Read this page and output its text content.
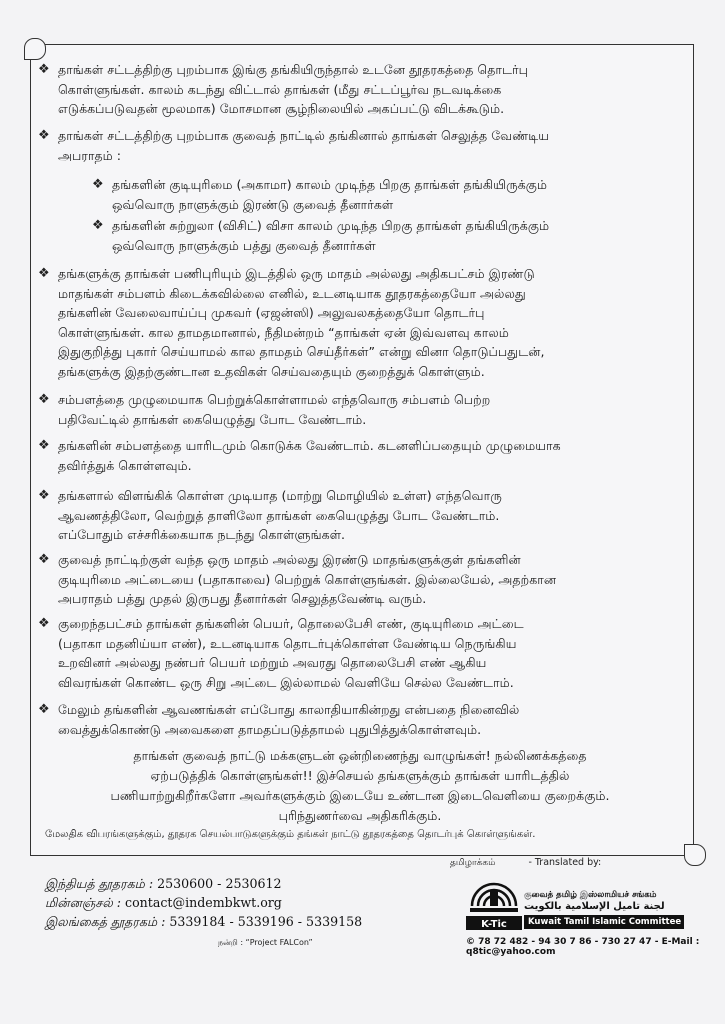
❖ தாங்கள் சட்டத்திற்கு புறம்பாக இங்கு தங்கியிருந்தால் உடனே தூதரகத்தை தொடர்பு
கொள்ளுங்கள். காலம் கடந்து விட்டால் தாங்கள் (மீது சட்டப்பூர்வ நடவடிக்கை
எடுக்கப்படுவதன் மூலமாக) மோசமான சூழ்நிலையில் அகப்பட்டு விடக்கூடும்.

❖ தாங்கள் சட்டத்திற்கு புறம்பாக குவைத் நாட்டில் தங்கினால் தாங்கள் செலுத்த வேண்டிய
அபராதம் :

❖ தங்களின் குடியுரிமை (அகாமா) காலம் முடிந்த பிறகு தாங்கள் தங்கியிருக்கும்
ஒவ்வொரு நாளுக்கும் இரண்டு குவைத் தீனார்கள்

❖ தங்களின் சுற்றுலா (விசிட்) விசா காலம் முடிந்த பிறகு தாங்கள் தங்கியிருக்கும்
ஒவ்வொரு நாளுக்கும் பத்து குவைத் தீனார்கள்

❖ தங்களுக்கு தாங்கள் பணிபுரியும் இடத்தில் ஒரு மாதம் அல்லது அதிகபட்சம் இரண்டு
மாதங்கள் சம்பளம் கிடைக்கவில்லை எனில், உடனடியாக தூதரகத்தையோ அல்லது
தங்களின் வேலைவாய்ப்பு முகவர் (ஏஜன்ஸி) அலுவலகத்தையோ தொடர்பு
கொள்ளுங்கள். கால தாமதமானால், நீதிமன்றம் “தாங்கள் ஏன் இவ்வளவு காலம்
இதுகுறித்து புகார் செய்யாமல் கால தாமதம் செய்தீர்கள்” என்று வினா தொடுப்பதுடன்,
தங்களுக்கு இதற்குண்டான உதவிகள் செய்வதையும் குறைத்துக் கொள்ளும்.

❖ சம்பளத்தை முழுமையாக பெற்றுக்கொள்ளாமல் எந்தவொரு சம்பளம் பெற்ற
பதிவேட்டில் தாங்கள் கையெழுத்து போட வேண்டாம்.

❖ தங்களின் சம்பளத்தை யாரிடமும் கொடுக்க வேண்டாம். கடனளிப்பதையும் முழுமையாக
தவிர்த்துக் கொள்ளவும்.

❖ தங்களால் விளங்கிக் கொள்ள முடியாத (மாற்று மொழியில் உள்ள) எந்தவொரு
ஆவணத்திலோ, வெற்றுத் தாளிலோ தாங்கள் கையெழுத்து போட வேண்டாம்.
எப்போதும் எச்சரிக்கையாக நடந்து கொள்ளுங்கள்.

❖ குவைத் நாட்டிற்குள் வந்த ஒரு மாதம் அல்லது இரண்டு மாதங்களுக்குள் தங்களின்
குடியுரிமை அட்டையை (பதாகாவை) பெற்றுக் கொள்ளுங்கள். இல்லையேல், அதற்கான
அபராதம் பத்து முதல் இருபது தீனார்கள் செலுத்தவேண்டி வரும்.

❖ குறைந்தபட்சம் தாங்கள் தங்களின் பெயர், தொலைபேசி எண், குடியுரிமை அட்டை
(பதாகா மதனிய்யா எண்), உடனடியாக தொடர்புக்கொள்ள வேண்டிய நெருங்கிய
உறவினர் அல்லது நண்பர் பெயர் மற்றும் அவரது தொலைபேசி எண் ஆகிய
விவரங்கள் கொண்ட ஒரு சிறு அட்டை இல்லாமல் வெளியே செல்ல வேண்டாம்.

❖ மேலும் தங்களின் ஆவணங்கள் எப்போது காலாதியாகின்றது என்பதை நினைவில்
வைத்துக்கொண்டு அவைகளை தாமதப்படுத்தாமல் புதுபித்துக்கொள்ளவும்.

தாங்கள் குவைத் நாட்டு மக்களுடன் ஒன்றிணைந்து வாழுங்கள்! நல்லிணக்கத்தை
ஏற்படுத்திக் கொள்ளுங்கள்!! இச்செயல் தங்களுக்கும் தாங்கள் யாரிடத்தில்
பணியாற்றுகிறீர்களோ அவர்களுக்கும் இடையே உண்டான இடைவெளியை குறைக்கும்.
புரிந்துணர்வை அதிகரிக்கும்.
மேலதிக விபரங்களுக்கும், தூதரக செயல்பாடுகளுக்கும் தங்கள் நாட்டு தூதரகத்தை தொடர்புக் கொள்ளுங்கள்.
இந்தியத் தூதரகம் : 2530600 - 2530612
மின்னஞ்சல் : contact@indembkwt.org
இலங்கைத் தூதரகம் : 5339184 - 5339196 - 5339158
நன்றி : “Project FALCon”
தமிழாக்கம்	- Translated by:
K-Tic
குவைத் தமிழ் இஸ்லாமியச் சங்கம்
لجنة تاميل الإسلامية بالكويت
Kuwait Tamil Islamic Committee
© 78 72 482 - 94 30 7 86 - 730 27 47 - E-Mail : q8tic@yahoo.com
